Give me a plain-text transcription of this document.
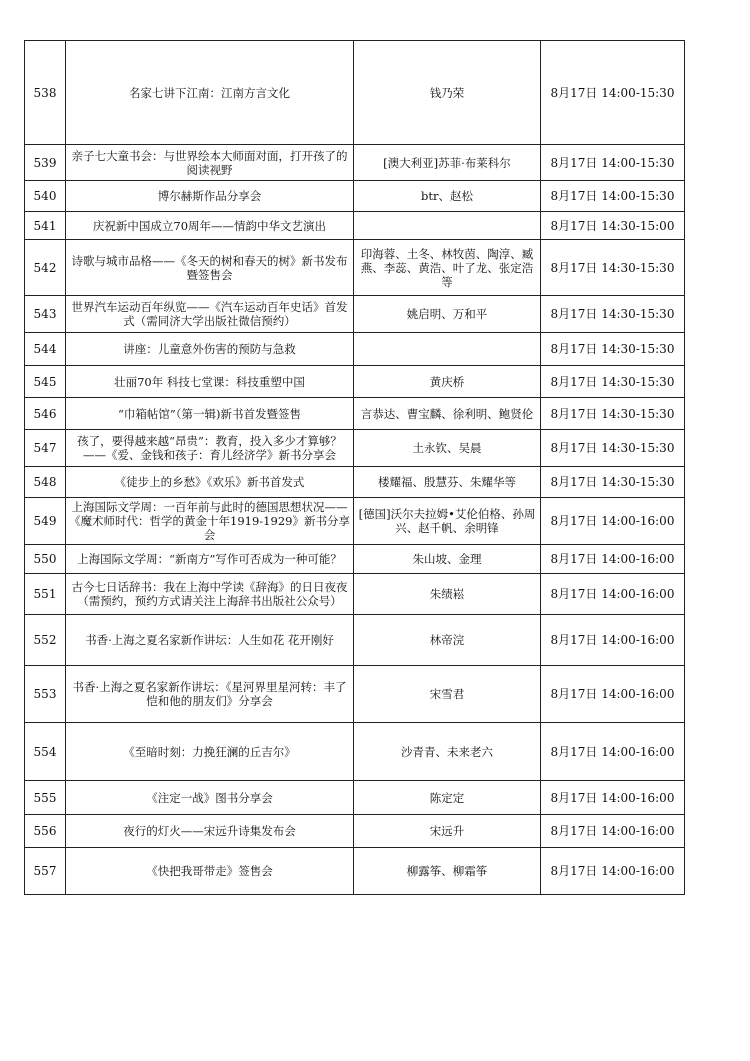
538	名家七讲下江南：江南方言文化	钱乃荣	8月17日 14:00-15:30
539	亲子七大童书会：与世界绘本大师面对面，打开孩了的阅读视野	[澳大利亚]苏菲·布莱科尔	8月17日 14:00-15:30
540	博尔赫斯作品分享会	btr、赵松	8月17日 14:00-15:30
541	庆祝新中国成立70周年——情韵中华文艺演出		8月17日 14:30-15:00
542	诗歌与城市品格——《冬天的树和春天的树》新书发布暨签售会	印海蓉、土冬、林牧茵、陶淳、臧燕、李蕊、黄浩、叶了龙、张定浩等	8月17日 14:30-15:30
543	世界汽车运动百年纵览——《汽车运动百年史话》首发式（需同济大学出版社微信预约）	姚启明、万和平	8月17日 14:30-15:30
544	讲座：儿童意外伤害的预防与急救		8月17日 14:30-15:30
545	壮丽70年 科技七堂课：科技重塑中国	黄庆桥	8月17日 14:30-15:30
546	“巾箱帖馆”（第一辑)新书首发暨签售	言恭达、曹宝麟、徐利明、鲍贤伦	8月17日 14:30-15:30
547	孩了，要得越来越“昂贵”：教育，投入多少才算够？——《爱、金钱和孩子：育儿经济学》新书分享会	土永钦、吴晨	8月17日 14:30-15:30
548	《徒步上的乡愁》《欢乐》新书首发式	楼耀福、殷慧芬、朱耀华等	8月17日 14:30-15:30
549	上海国际文学周：一百年前与此时的德国思想状况——《魔术师时代：哲学的黄金十年1919-1929》新书分享会	[德国]沃尔夫拉姆•艾伦伯格、孙周兴、赵千帆、余明锋	8月17日 14:00-16:00
550	上海国际文学周：“新南方”写作可否成为一种可能？	朱山坡、金理	8月17日 14:00-16:00
551	古今七日话辞书：我在上海中学读《辞海》的日日夜夜（需预约，预约方式请关注上海辞书出版社公众号）	朱绩崧	8月17日 14:00-16:00
552	书香·上海之夏名家新作讲坛：人生如花 花开刚好	林帝浣	8月17日 14:00-16:00
553	书香·上海之夏名家新作讲坛：《星河界里星河转：丰了恺和他的朋友们》分享会	宋雪君	8月17日 14:00-16:00
554	《至暗时刻：力挽狂澜的丘吉尔》	沙青青、未来老六	8月17日 14:00-16:00
555	《注定一战》图书分享会	陈定定	8月17日 14:00-16:00
556	夜行的灯火——宋远升诗集发布会	宋远升	8月17日 14:00-16:00
557	《快把我哥带走》签售会	柳露筝、柳霜筝	8月17日 14:00-16:00
